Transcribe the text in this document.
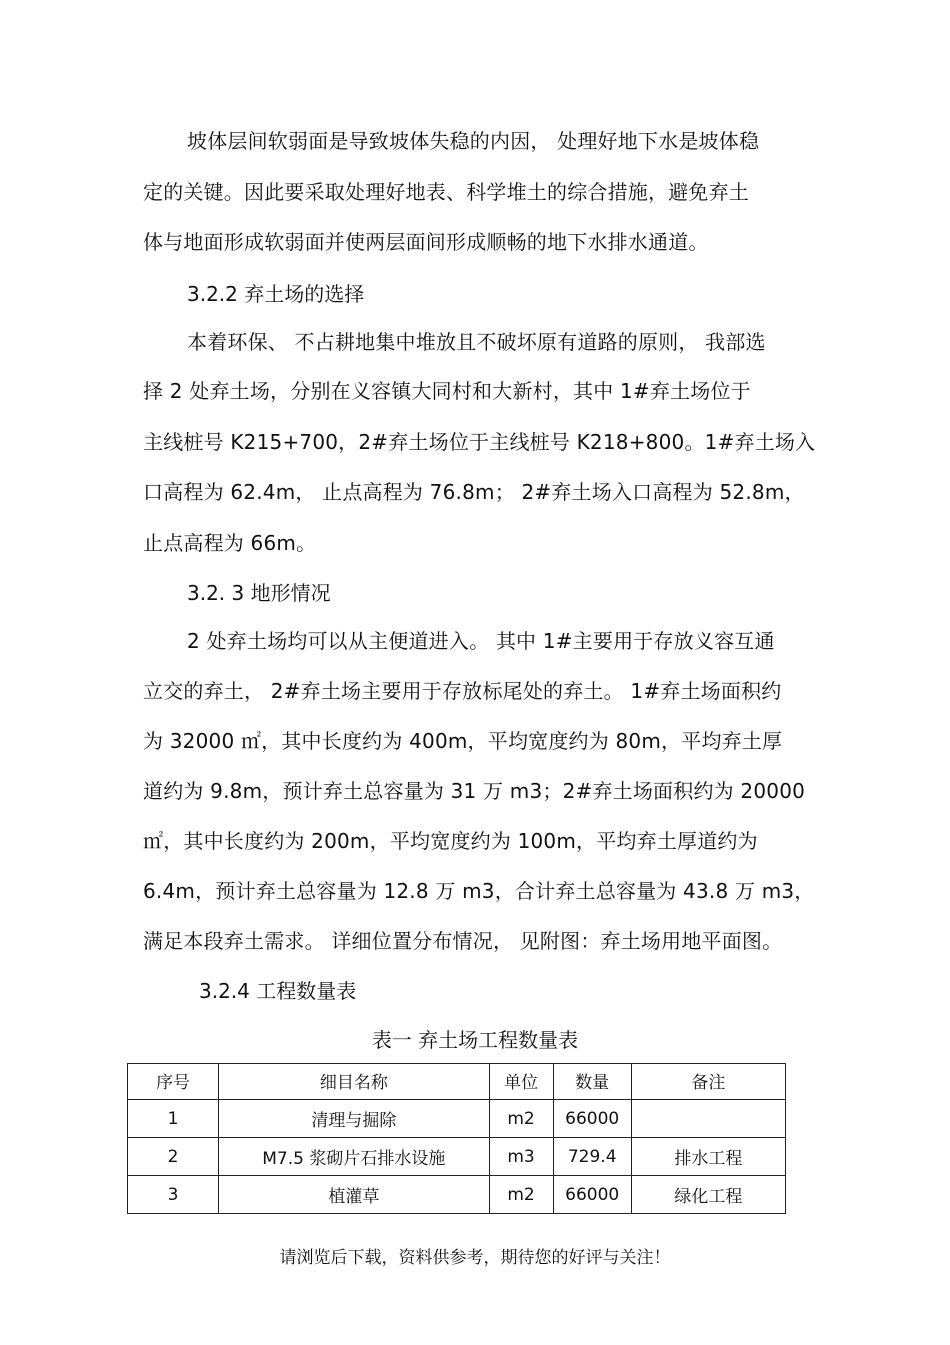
坡体层间软弱面是导致坡体失稳的内因， 处理好地下水是坡体稳
定的关键。因此要采取处理好地表、科学堆土的综合措施，避免弃土
体与地面形成软弱面并使两层面间形成顺畅的地下水排水通道。
3.2.2 弃土场的选择
本着环保、 不占耕地集中堆放且不破坏原有道路的原则， 我部选
择 2 处弃土场，分别在义容镇大同村和大新村，其中 1#弃土场位于
主线桩号 K215+700，2#弃土场位于主线桩号 K218+800。1#弃土场入
口高程为 62.4m， 止点高程为 76.8m； 2#弃土场入口高程为 52.8m，
止点高程为 66m。
3.2. 3 地形情况
2 处弃土场均可以从主便道进入。 其中 1#主要用于存放义容互通
立交的弃土， 2#弃土场主要用于存放标尾处的弃土。 1#弃土场面积约
为 32000 ㎡，其中长度约为 400m，平均宽度约为 80m，平均弃土厚
道约为 9.8m，预计弃土总容量为 31 万 m3；2#弃土场面积约为 20000
㎡，其中长度约为 200m，平均宽度约为 100m，平均弃土厚道约为
6.4m，预计弃土总容量为 12.8 万 m3，合计弃土总容量为 43.8 万 m3，
满足本段弃土需求。 详细位置分布情况， 见附图：弃土场用地平面图。
3.2.4 工程数量表
表一 弃土场工程数量表
序号	细目名称	单位	数量	备注
1	清理与掘除	m2	66000	
2	M7.5 浆砌片石排水设施	m3	729.4	排水工程
3	植灌草	m2	66000	绿化工程
请浏览后下载，资料供参考，期待您的好评与关注！
